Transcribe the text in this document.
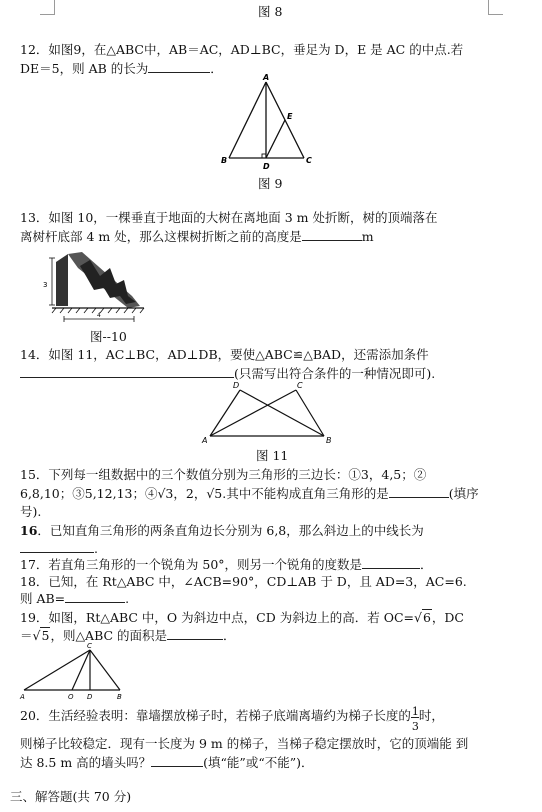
图 8
12．如图9，在△ABC中，AB＝AC，AD⊥BC，垂足为 D，E 是 AC 的中点.若
DE＝5，则 AB 的长为	．
A
B	C
D
E
图 9
13．如图 10，一棵垂直于地面的大树在离地面 3 m 处折断，树的顶端落在
离树杆底部 4 m 处，那么这棵树折断之前的高度是	m
3
4
图--10
14．如图 11，AC⊥BC，AD⊥DB，要使△ABC≌△BAD，还需添加条件
(只需写出符合条件的一种情况即可).
A	B
C
D
图 11
15．下列每一组数据中的三个数值分别为三角形的三边长：①3，4,5；②
6,8,10；③5,12,13；④√3，2，√5.其中不能构成直角三角形的是	(填序
号).
16．已知直角三角形的两条直角边长分别为 6,8，那么斜边上的中线长为
.
17．若直角三角形的一个锐角为 50°，则另一个锐角的度数是	．
18．已知，在 Rt△ABC 中，∠ACB=90°，CD⊥AB 于 D，且 AD=3，AC=6.
则 AB=	.
19．如图，Rt△ABC 中，O 为斜边中点，CD 为斜边上的高．若 OC=√6，DC
＝√5，则△ABC 的面积是	．
A	O D	B
C
20．生活经验表明：靠墙摆放梯子时，若梯子底端离墙约为梯子长度的 $\frac{1}{3}$ 时，
则梯子比较稳定．现有一长度为 9 m 的梯子，当梯子稳定摆放时，它的顶端能 到
达 8.5 m 高的墙头吗？	(填“能”或“不能”)．
三、解答题(共 70 分)
